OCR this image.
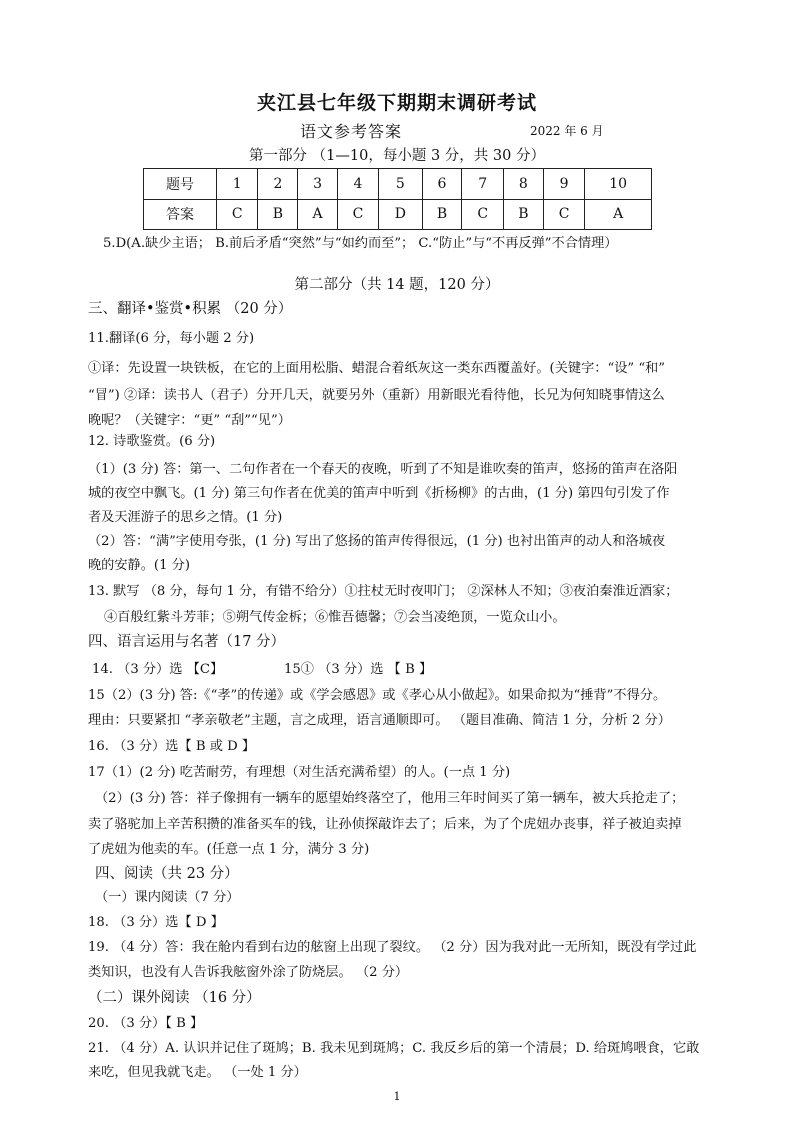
夹江县七年级下期期末调研考试
语文参考答案	2022 年 6 月
第一部分 （1—10，每小题 3 分，共 30 分）
题号	1	2	3	4	5	6	7	8	9	10
答案	C	B	A	C	D	B	C	B	C	A
5.D(A.缺少主语； B.前后矛盾“突然”与“如约而至”； C.“防止”与“不再反弹”不合情理）
第二部分（共 14 题，120 分）
三、翻译•鉴赏•积累 （20 分）
11.翻译(6 分，每小题 2 分)
①译：先设置一块铁板，在它的上面用松脂、蜡混合着纸灰这一类东西覆盖好。(关键字：“设” “和”
“冒”) ②译：读书人（君子）分开几天，就要另外（重新）用新眼光看待他，长兄为何知晓事情这么
晚呢？（关键字：“更” “刮”“见”）
12. 诗歌鉴赏。(6 分)
（1）(3 分) 答：第一、二句作者在一个春天的夜晚，听到了不知是谁吹奏的笛声，悠扬的笛声在洛阳
城的夜空中飘飞。(1 分) 第三句作者在优美的笛声中听到《折杨柳》的古曲，(1 分) 第四句引发了作
者及天涯游子的思乡之情。(1 分)
（2）答：“满”字使用夸张，(1 分) 写出了悠扬的笛声传得很远，(1 分) 也衬出笛声的动人和洛城夜
晚的安静。(1 分)
13. 默写 （8 分，每句 1 分，有错不给分）①拄杖无时夜叩门； ②深林人不知；③夜泊秦淮近酒家；
④百般红紫斗芳菲；⑤朔气传金柝；⑥惟吾德馨；⑦会当凌绝顶，一览众山小。
四、语言运用与名著（17 分）
14. （3 分）选 【C】	15① （3 分）选 【 B 】
15（2）(3 分) 答:《“孝”的传递》或《学会感恩》或《孝心从小做起》。如果命拟为“捶背”不得分。
理由：只要紧扣 “孝亲敬老”主题，言之成理，语言通顺即可。 （题目准确、简洁 1 分，分析 2 分）
16. （3 分）选【 B 或 D 】
17（1）(2 分) 吃苦耐劳，有理想（对生活充满希望）的人。(一点 1 分)
（2）(3 分) 答：祥子像拥有一辆车的愿望始终落空了，他用三年时间买了第一辆车，被大兵抢走了；
卖了骆驼加上辛苦积攒的准备买车的钱，让孙侦探敲诈去了；后来，为了个虎妞办丧事，祥子被迫卖掉
了虎妞为他卖的车。(任意一点 1 分，满分 3 分)
四、阅读（共 23 分）
（一）课内阅读（7 分）
18. （3 分）选【 D 】
19. （4 分）答：我在舱内看到右边的舷窗上出现了裂纹。 （2 分）因为我对此一无所知，既没有学过此
类知识，也没有人告诉我舷窗外涂了防烧层。 （2 分）
（二）课外阅读 （16 分）
20. （3 分）【 B 】
21. （4 分）A. 认识并记住了斑鸠；B. 我未见到斑鸠；C. 我反乡后的第一个清晨；D. 给斑鸠喂食，它敢
来吃，但见我就飞走。 （一处 1 分）
1
